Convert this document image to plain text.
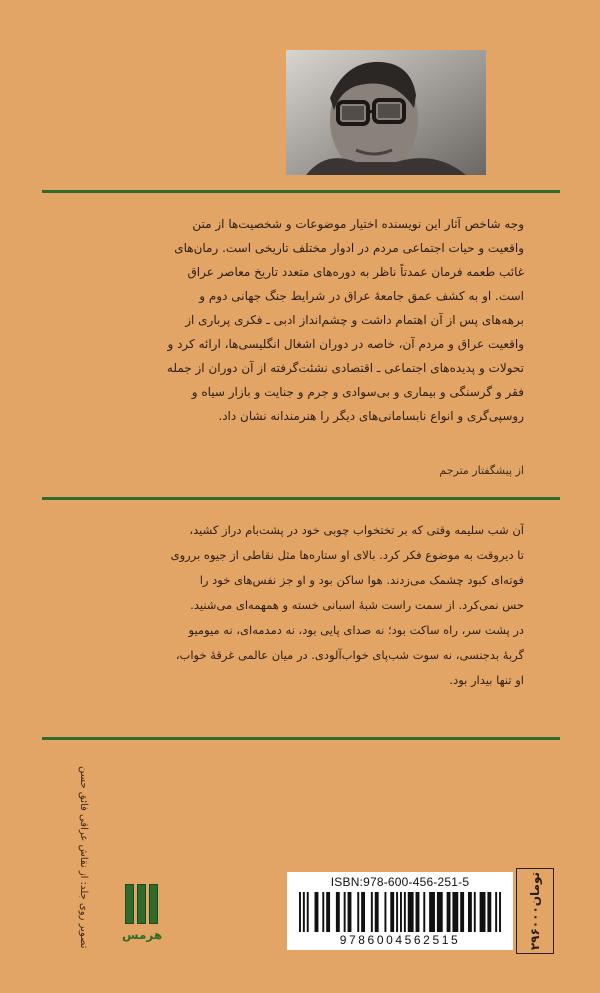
وجه شاخص آثار این نویسنده اختیار موضوعات و شخصیت‌ها از متن
واقعیت و حیات اجتماعی مردم در ادوار مختلف تاریخی است. رمان‌های
غائب طعمه فرمان عمدتاً ناظر به دوره‌های متعدد تاریخ معاصر عراق
است. او به کشف عمق جامعهٔ عراق در شرایط جنگ جهانی دوم و
برهه‌های پس از آن اهتمام داشت و چشم‌انداز ادبی ـ فکری پرباری از
واقعیت عراق و مردم آن، خاصه در دوران اشغال انگلیسی‌ها، ارائه کرد و
تحولات و پدیده‌های اجتماعی ـ اقتصادی نشئت‌گرفته از آن دوران از جمله
فقر و گرسنگی و بیماری و بی‌سوادی و جرم و جنایت و بازار سیاه و
روسپی‌گری و انواع نابسامانی‌های دیگر را هنرمندانه نشان داد.
از پیشگفتار مترجم
آن شب سلیمه وقتی که بر تختخواب چوبی خود در پشت‌بام دراز کشید،
تا دیروقت به موضوع فکر کرد. بالای او ستاره‌ها مثل نقاطی از جیوه برروی
فوته‌ای کبود چشمک می‌زدند. هوا ساکن بود و او جز نفس‌های خود را
حس نمی‌کرد. از سمت راست شبهٔ اسبانی خسته و همهمه‌ای می‌شنید.
در پشت سر، راه ساکت بود؛ نه صدای پایی بود، نه دمدمه‌ای، نه میومیو
گربهٔ بدجنسی، نه سوت شب‌پای خواب‌آلودی. در میان عالمی غرقهٔ خواب،
او تنها بیدار بود.
تصویر روی جلد: از نقاش عراقی فائق حسن	هرمس
ISBN:978-600-456-251-5
9786004562515	۲۹۶۰۰۰تومان
